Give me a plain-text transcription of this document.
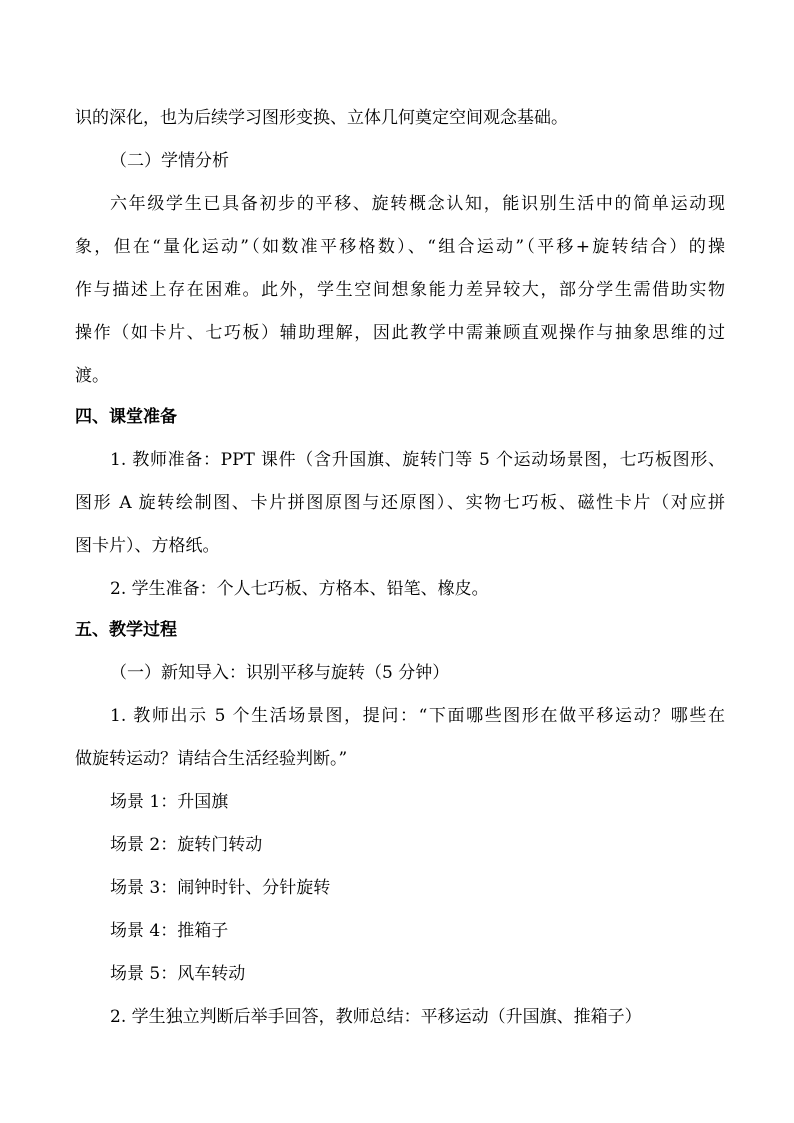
识的深化，也为后续学习图形变换、立体几何奠定空间观念基础。
（二）学情分析
六年级学生已具备初步的平移、旋转概念认知，能识别生活中的简单运动现
象，但在“量化运动”（如数准平移格数）、“组合运动”（平移+旋转结合）的操
作与描述上存在困难。此外，学生空间想象能力差异较大，部分学生需借助实物
操作（如卡片、七巧板）辅助理解，因此教学中需兼顾直观操作与抽象思维的过
渡。
四、课堂准备
1. 教师准备：PPT 课件（含升国旗、旋转门等 5 个运动场景图，七巧板图形、
图形 A 旋转绘制图、卡片拼图原图与还原图）、实物七巧板、磁性卡片（对应拼
图卡片）、方格纸。
2. 学生准备：个人七巧板、方格本、铅笔、橡皮。
五、教学过程
（一）新知导入：识别平移与旋转（5 分钟）
1. 教师出示 5 个生活场景图，提问：“下面哪些图形在做平移运动？哪些在
做旋转运动？请结合生活经验判断。”
场景 1：升国旗
场景 2：旋转门转动
场景 3：闹钟时针、分针旋转
场景 4：推箱子
场景 5：风车转动
2. 学生独立判断后举手回答，教师总结：平移运动（升国旗、推箱子）
